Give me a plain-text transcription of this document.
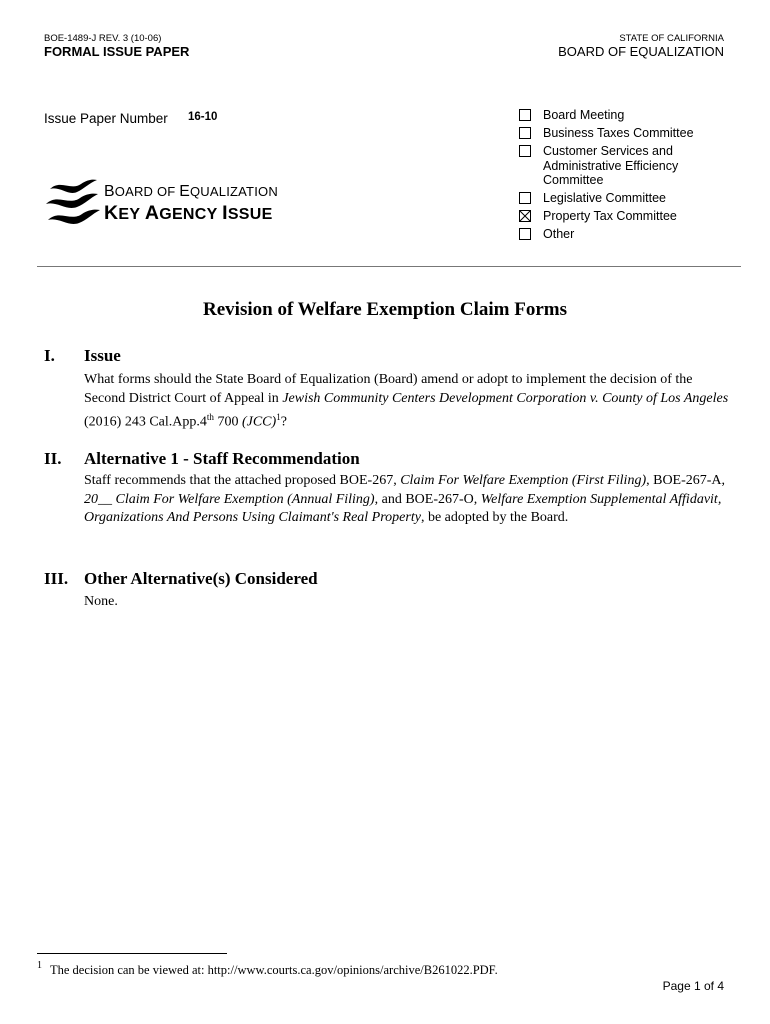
BOE-1489-J REV. 3 (10-06)
FORMAL ISSUE PAPER
STATE OF CALIFORNIA
BOARD OF EQUALIZATION
Issue Paper Number 16-10
BOARD OF EQUALIZATION
KEY AGENCY ISSUE
Board Meeting
Business Taxes Committee
Customer Services and Administrative Efficiency Committee
Legislative Committee
Property Tax Committee
Other
Revision of Welfare Exemption Claim Forms
I. Issue
What forms should the State Board of Equalization (Board) amend or adopt to implement the decision of the Second District Court of Appeal in Jewish Community Centers Development Corporation v. County of Los Angeles (2016) 243 Cal.App.4th 700 (JCC)$^1$?
II. Alternative 1 - Staff Recommendation
Staff recommends that the attached proposed BOE-267, Claim For Welfare Exemption (First Filing), BOE-267-A, 20__ Claim For Welfare Exemption (Annual Filing), and BOE-267-O, Welfare Exemption Supplemental Affidavit, Organizations And Persons Using Claimant's Real Property, be adopted by the Board.
III. Other Alternative(s) Considered
None.
$^1$ The decision can be viewed at: http://www.courts.ca.gov/opinions/archive/B261022.PDF.
Page 1 of 4
